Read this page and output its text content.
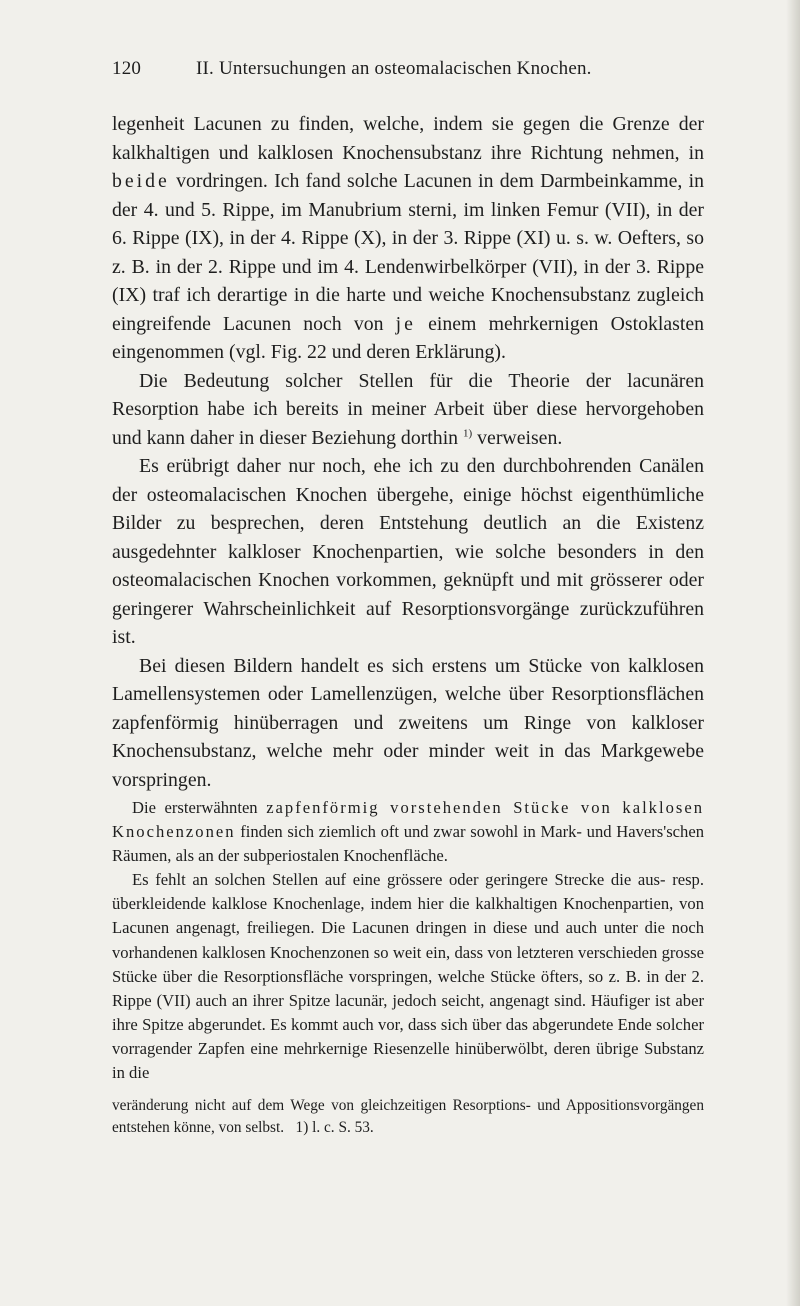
120	II. Untersuchungen an osteomalacischen Knochen.

legenheit Lacunen zu finden, welche, indem sie gegen die Grenze der kalkhaltigen und kalklosen Knochensubstanz ihre Richtung nehmen, in beide vordringen. Ich fand solche Lacunen in dem Darmbeinkamme, in der 4. und 5. Rippe, im Manubrium sterni, im linken Femur (VII), in der 6. Rippe (IX), in der 4. Rippe (X), in der 3. Rippe (XI) u. s. w. Oefters, so z. B. in der 2. Rippe und im 4. Lendenwirbelkörper (VII), in der 3. Rippe (IX) traf ich derartige in die harte und weiche Knochensubstanz zugleich eingreifende Lacunen noch von je einem mehrkernigen Ostoklasten eingenommen (vgl. Fig. 22 und deren Erklärung).

Die Bedeutung solcher Stellen für die Theorie der lacunären Resorption habe ich bereits in meiner Arbeit über diese hervorgehoben und kann daher in dieser Beziehung dorthin $^{1)}$ verweisen.

Es erübrigt daher nur noch, ehe ich zu den durchbohrenden Canälen der osteomalacischen Knochen übergehe, einige höchst eigenthümliche Bilder zu besprechen, deren Entstehung deutlich an die Existenz ausgedehnter kalkloser Knochenpartien, wie solche besonders in den osteomalacischen Knochen vorkommen, geknüpft und mit grösserer oder geringerer Wahrscheinlichkeit auf Resorptionsvorgänge zurückzuführen ist.

Bei diesen Bildern handelt es sich erstens um Stücke von kalklosen Lamellensystemen oder Lamellenzügen, welche über Resorptionsflächen zapfenförmig hinüberragen und zweitens um Ringe von kalkloser Knochensubstanz, welche mehr oder minder weit in das Markgewebe vorspringen.

Die ersterwähnten zapfenförmig vorstehenden Stücke von kalklosen Knochenzonen finden sich ziemlich oft und zwar sowohl in Mark- und Havers'schen Räumen, als an der subperiostalen Knochenfläche.

Es fehlt an solchen Stellen auf eine grössere oder geringere Strecke die aus- resp. überkleidende kalklose Knochenlage, indem hier die kalkhaltigen Knochenpartien, von Lacunen angenagt, freiliegen. Die Lacunen dringen in diese und auch unter die noch vorhandenen kalklosen Knochenzonen so weit ein, dass von letzteren verschieden grosse Stücke über die Resorptionsfläche vorspringen, welche Stücke öfters, so z. B. in der 2. Rippe (VII) auch an ihrer Spitze lacunär, jedoch seicht, angenagt sind. Häufiger ist aber ihre Spitze abgerundet. Es kommt auch vor, dass sich über das abgerundete Ende solcher vorragender Zapfen eine mehrkernige Riesenzelle hinüberwölbt, deren übrige Substanz in die

veränderung nicht auf dem Wege von gleichzeitigen Resorptions- und Appositionsvorgängen entstehen könne, von selbst. 1) l. c. S. 53.
